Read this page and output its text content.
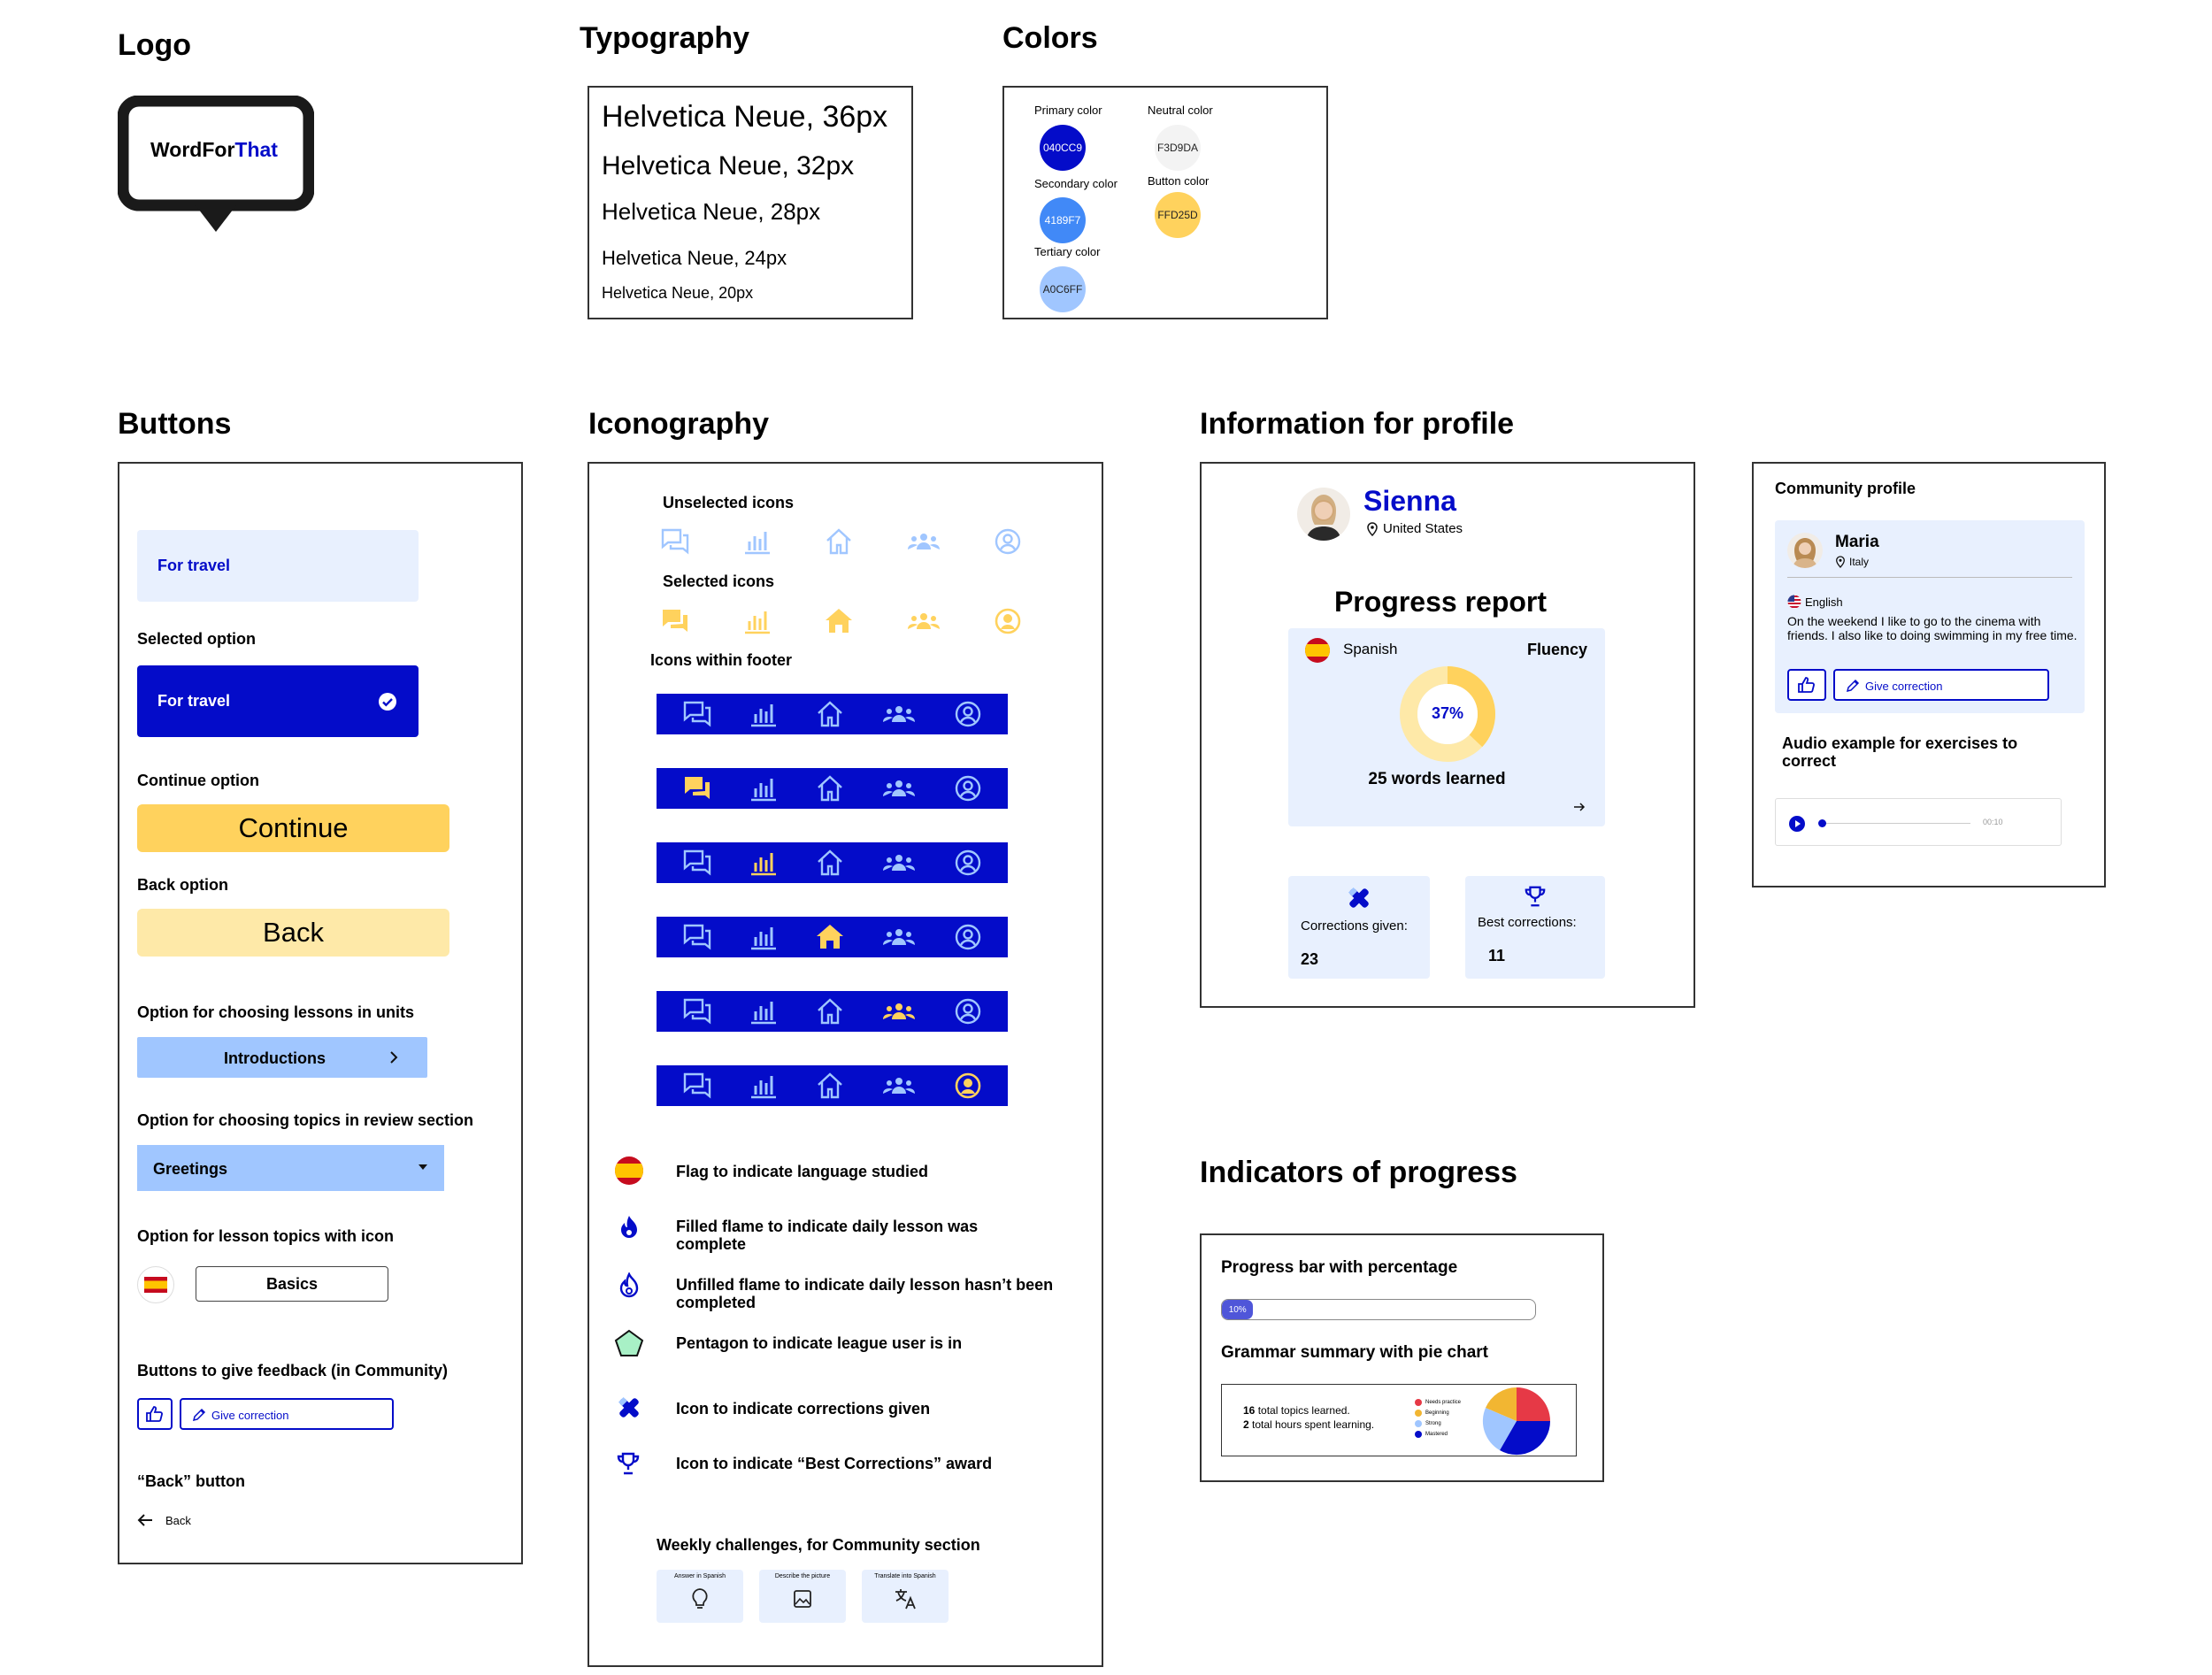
Logo	Typography	Colors
Buttons	Iconography	Information for profile
Indicators of progress
WordForThat
Helvetica Neue, 36px
Helvetica Neue, 32px
Helvetica Neue, 28px
Helvetica Neue, 24px
Helvetica Neue, 20px
Primary color
040CC9
Secondary color
4189F7
Tertiary color
A0C6FF
Neutral color
F3D9DA
Button color
FFD25D
For travel
Selected option
For travel
Continue option
Continue
Back option
Back
Option for choosing lessons in units
Introductions
Option for choosing topics in review section
Greetings
Option for lesson topics with icon
Basics
Buttons to give feedback (in Community)
Give correction
“Back” button
Back
Unselected icons
Selected icons
Icons within footer
Flag to indicate language studied
Filled flame to indicate daily lesson was complete
Unfilled flame to indicate daily lesson hasn’t been completed
Pentagon to indicate league user is in
Icon to indicate corrections given
Icon to indicate “Best Corrections” award
Weekly challenges, for Community section
Answer in Spanish	Describe the picture	Translate into Spanish
Sienna
United States
Progress report
Spanish	Fluency
37%
25 words learned
Corrections given:
23
Best corrections:
11
Community profile
Maria
Italy
English
On the weekend I like to go to the cinema with friends. I also like to doing swimming in my free time.
Give correction
Audio example for exercises to correct
00:10
Progress bar with percentage
10%
Grammar summary with pie chart
16 total topics learned.
2 total hours spent learning.
Needs practice
Beginning
Strong
Mastered
